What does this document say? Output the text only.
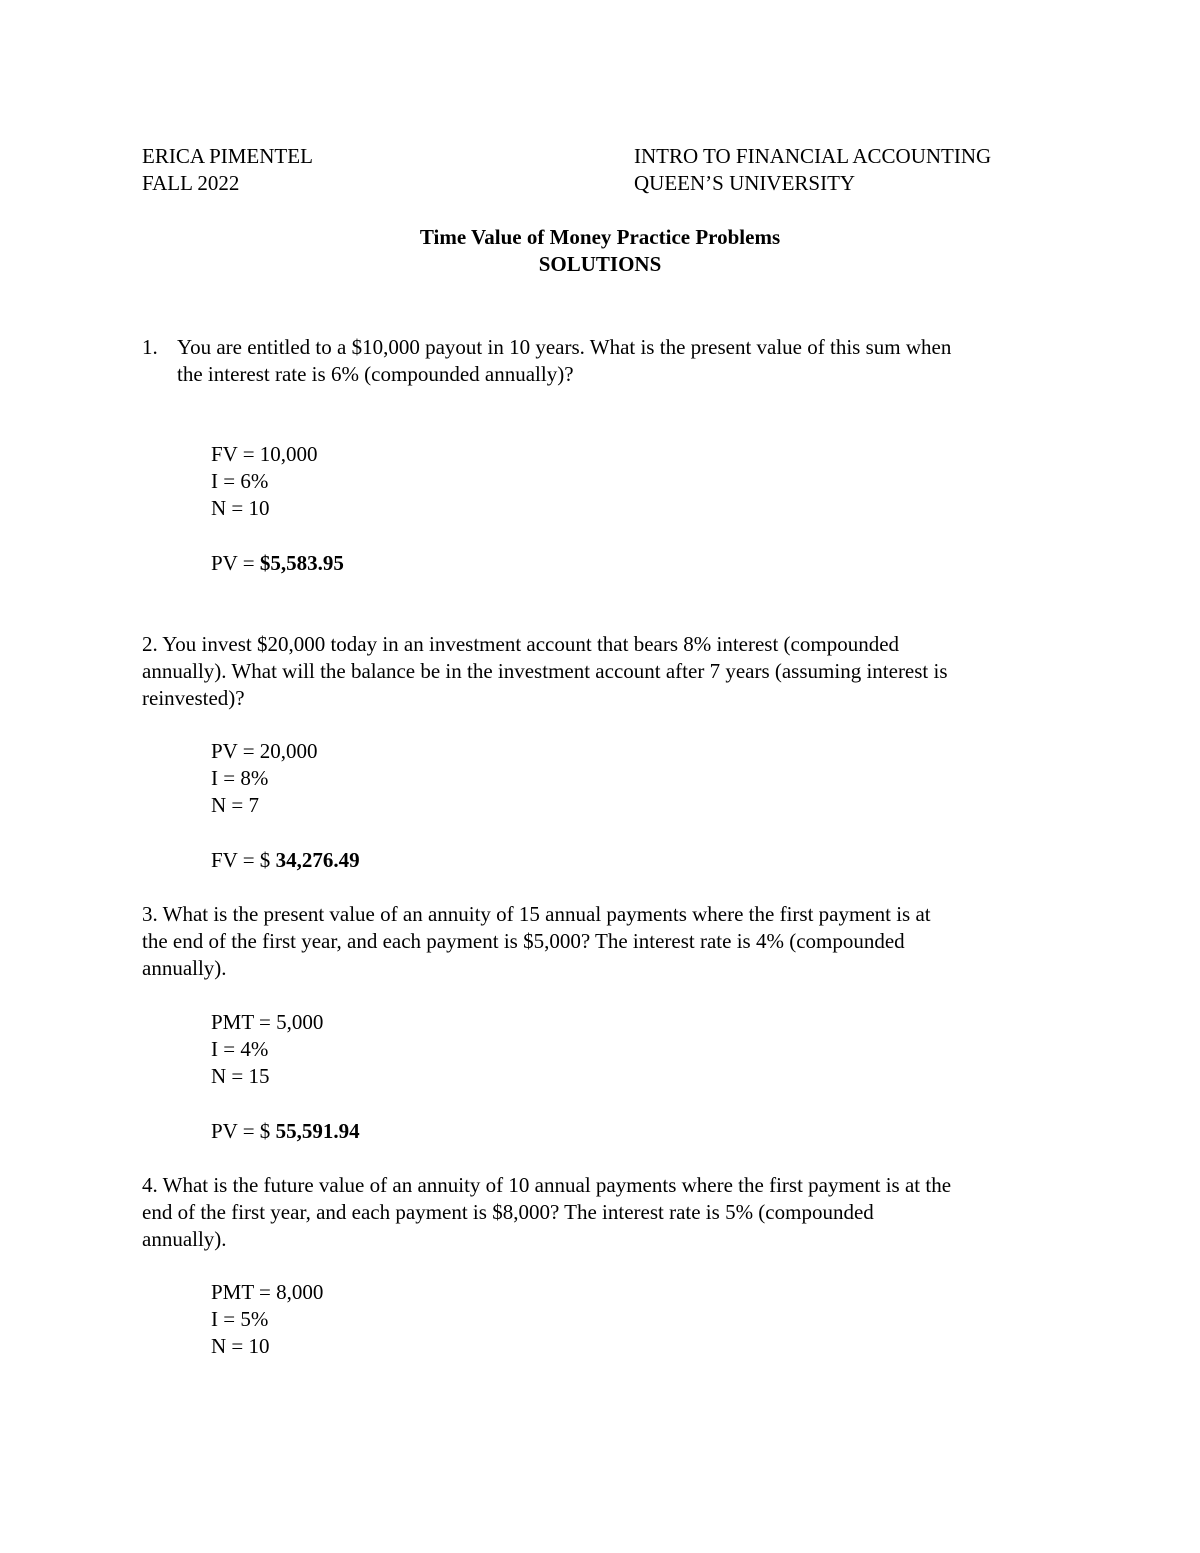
ERICA PIMENTEL
FALL 2022
INTRO TO FINANCIAL ACCOUNTING
QUEEN’S UNIVERSITY
Time Value of Money Practice Problems
SOLUTIONS
1. You are entitled to a $10,000 payout in 10 years. What is the present value of this sum when
the interest rate is 6% (compounded annually)?
FV = 10,000
I = 6%
N = 10
PV = $5,583.95
2. You invest $20,000 today in an investment account that bears 8% interest (compounded
annually). What will the balance be in the investment account after 7 years (assuming interest is
reinvested)?
PV = 20,000
I = 8%
N = 7
FV = $ 34,276.49
3. What is the present value of an annuity of 15 annual payments where the first payment is at
the end of the first year, and each payment is $5,000? The interest rate is 4% (compounded
annually).
PMT = 5,000
I = 4%
N = 15
PV = $ 55,591.94
4. What is the future value of an annuity of 10 annual payments where the first payment is at the
end of the first year, and each payment is $8,000? The interest rate is 5% (compounded
annually).
PMT = 8,000
I = 5%
N = 10
